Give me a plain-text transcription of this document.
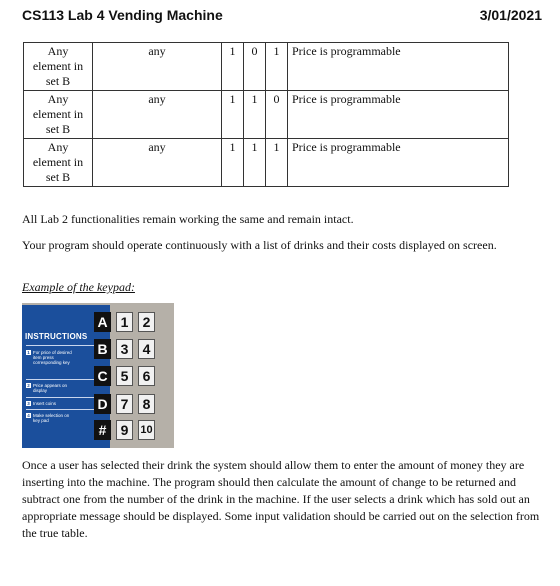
CS113 Lab 4 Vending Machine	3/01/2021
Any element in set B	any	1	0	1	Price is programmable
Any element in set B	any	1	1	0	Price is programmable
Any element in set B	any	1	1	1	Price is programmable
All Lab 2 functionalities remain working the same and remain intact.
Your program should operate continuously with a list of drinks and their costs displayed on screen.
Example of the keypad:
INSTRUCTIONS
1 For price of desired item press corresponding key
2 Price appears on display
3 Insert coins
4 Make selection on key pad
A 1	2
B 3	4
C 5	6
D 7	8
#	9	10
Once a user has selected their drink the system should allow them to enter the amount of money they are inserting into the machine. The program should then calculate the amount of change to be returned and subtract one from the number of the drink in the machine. If the user selects a drink which has sold out an appropriate message should be displayed. Some input validation should be carried out on the selection from the true table.
